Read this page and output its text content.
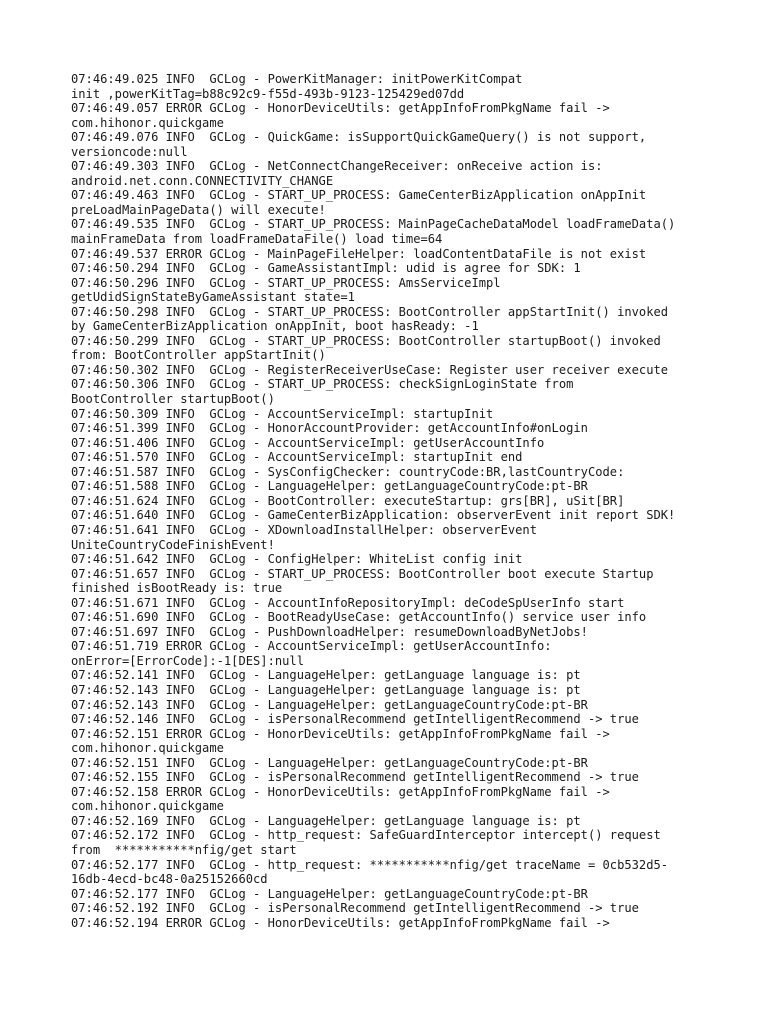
07:46:49.025 INFO  GCLog - PowerKitManager: initPowerKitCompat
init ,powerKitTag=b88c92c9-f55d-493b-9123-125429ed07dd
07:46:49.057 ERROR GCLog - HonorDeviceUtils: getAppInfoFromPkgName fail ->
com.hihonor.quickgame
07:46:49.076 INFO  GCLog - QuickGame: isSupportQuickGameQuery() is not support,
versioncode:null
07:46:49.303 INFO  GCLog - NetConnectChangeReceiver: onReceive action is:
android.net.conn.CONNECTIVITY_CHANGE
07:46:49.463 INFO  GCLog - START_UP_PROCESS: GameCenterBizApplication onAppInit
preLoadMainPageData() will execute!
07:46:49.535 INFO  GCLog - START_UP_PROCESS: MainPageCacheDataModel loadFrameData()
mainFrameData from loadFrameDataFile() load time=64
07:46:49.537 ERROR GCLog - MainPageFileHelper: loadContentDataFile is not exist
07:46:50.294 INFO  GCLog - GameAssistantImpl: udid is agree for SDK: 1
07:46:50.296 INFO  GCLog - START_UP_PROCESS: AmsServiceImpl
getUdidSignStateByGameAssistant state=1
07:46:50.298 INFO  GCLog - START_UP_PROCESS: BootController appStartInit() invoked
by GameCenterBizApplication onAppInit, boot hasReady: -1
07:46:50.299 INFO  GCLog - START_UP_PROCESS: BootController startupBoot() invoked
from: BootController appStartInit()
07:46:50.302 INFO  GCLog - RegisterReceiverUseCase: Register user receiver execute
07:46:50.306 INFO  GCLog - START_UP_PROCESS: checkSignLoginState from
BootController startupBoot()
07:46:50.309 INFO  GCLog - AccountServiceImpl: startupInit
07:46:51.399 INFO  GCLog - HonorAccountProvider: getAccountInfo#onLogin
07:46:51.406 INFO  GCLog - AccountServiceImpl: getUserAccountInfo
07:46:51.570 INFO  GCLog - AccountServiceImpl: startupInit end
07:46:51.587 INFO  GCLog - SysConfigChecker: countryCode:BR,lastCountryCode:
07:46:51.588 INFO  GCLog - LanguageHelper: getLanguageCountryCode:pt-BR
07:46:51.624 INFO  GCLog - BootController: executeStartup: grs[BR], uSit[BR]
07:46:51.640 INFO  GCLog - GameCenterBizApplication: observerEvent init report SDK!
07:46:51.641 INFO  GCLog - XDownloadInstallHelper: observerEvent
UniteCountryCodeFinishEvent!
07:46:51.642 INFO  GCLog - ConfigHelper: WhiteList config init
07:46:51.657 INFO  GCLog - START_UP_PROCESS: BootController boot execute Startup
finished isBootReady is: true
07:46:51.671 INFO  GCLog - AccountInfoRepositoryImpl: deCodeSpUserInfo start
07:46:51.690 INFO  GCLog - BootReadyUseCase: getAccountInfo() service user info
07:46:51.697 INFO  GCLog - PushDownloadHelper: resumeDownloadByNetJobs!
07:46:51.719 ERROR GCLog - AccountServiceImpl: getUserAccountInfo:
onError=[ErrorCode]:-1[DES]:null
07:46:52.141 INFO  GCLog - LanguageHelper: getLanguage language is: pt
07:46:52.143 INFO  GCLog - LanguageHelper: getLanguage language is: pt
07:46:52.143 INFO  GCLog - LanguageHelper: getLanguageCountryCode:pt-BR
07:46:52.146 INFO  GCLog - isPersonalRecommend getIntelligentRecommend -> true
07:46:52.151 ERROR GCLog - HonorDeviceUtils: getAppInfoFromPkgName fail ->
com.hihonor.quickgame
07:46:52.151 INFO  GCLog - LanguageHelper: getLanguageCountryCode:pt-BR
07:46:52.155 INFO  GCLog - isPersonalRecommend getIntelligentRecommend -> true
07:46:52.158 ERROR GCLog - HonorDeviceUtils: getAppInfoFromPkgName fail ->
com.hihonor.quickgame
07:46:52.169 INFO  GCLog - LanguageHelper: getLanguage language is: pt
07:46:52.172 INFO  GCLog - http_request: SafeGuardInterceptor intercept() request
from  ***********nfig/get start
07:46:52.177 INFO  GCLog - http_request: ***********nfig/get traceName = 0cb532d5-
16db-4ecd-bc48-0a25152660cd
07:46:52.177 INFO  GCLog - LanguageHelper: getLanguageCountryCode:pt-BR
07:46:52.192 INFO  GCLog - isPersonalRecommend getIntelligentRecommend -> true
07:46:52.194 ERROR GCLog - HonorDeviceUtils: getAppInfoFromPkgName fail ->
